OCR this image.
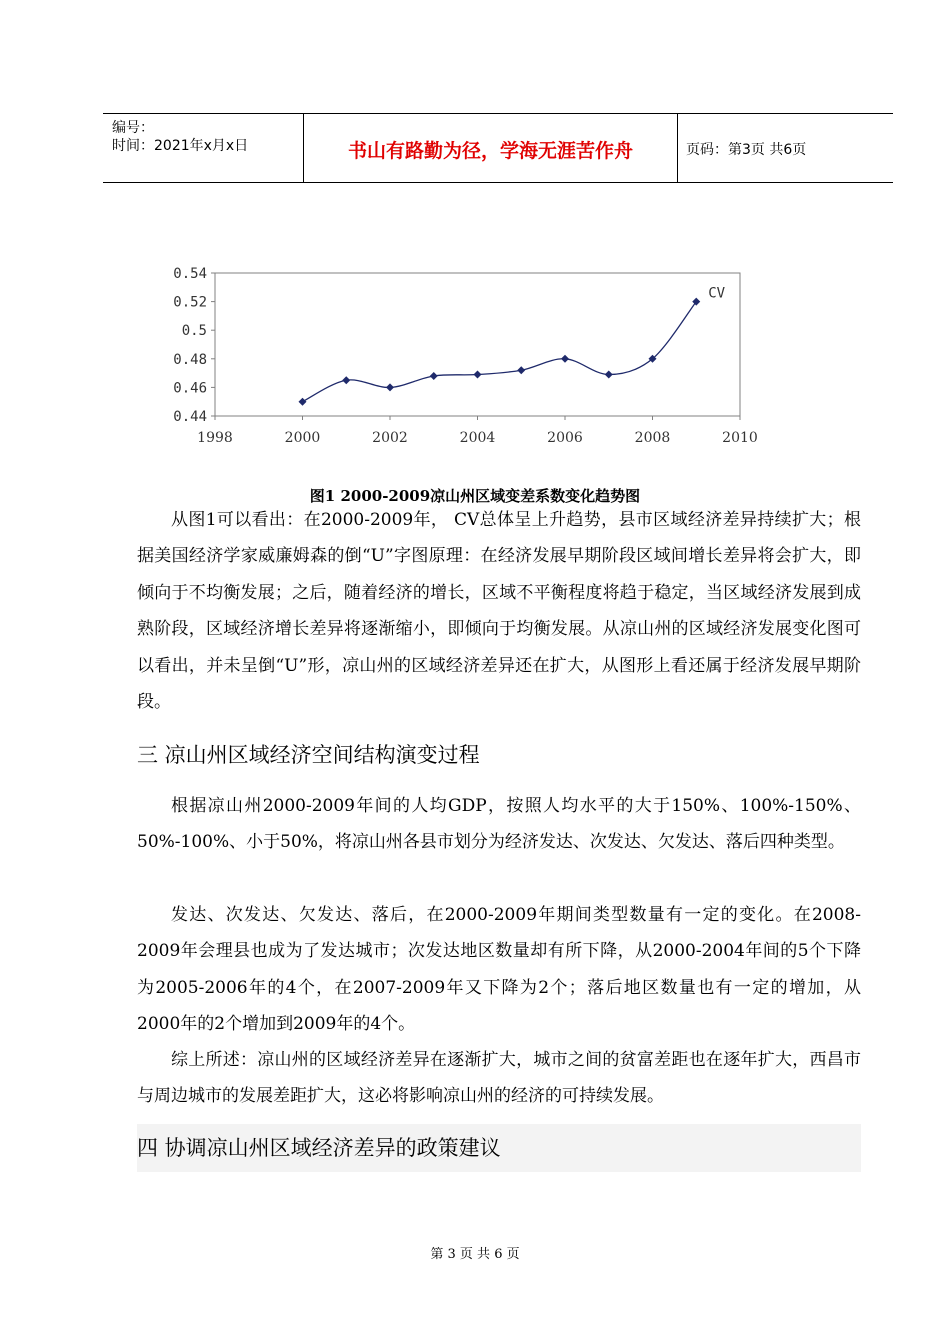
编号：
时间：2021年x月x日	书山有路勤为径，学海无涯苦作舟	页码：第3页 共6页
0.54
0.52
0.5
0.48
0.46
0.44
1998	2000	2002	2004	2006	2008	2010
CV
图1 2000-2009凉山州区域变差系数变化趋势图

从图1可以看出：在2000-2009年， CV总体呈上升趋势，县市区域经济差异持续扩大；根据美国经济学家威廉姆森的倒“U”字图原理：在经济发展早期阶段区域间增长差异将会扩大，即倾向于不均衡发展；之后，随着经济的增长，区域不平衡程度将趋于稳定，当区域经济发展到成熟阶段，区域经济增长差异将逐渐缩小，即倾向于均衡发展。从凉山州的区域经济发展变化图可以看出，并未呈倒“U”形，凉山州的区域经济差异还在扩大，从图形上看还属于经济发展早期阶段。

三 凉山州区域经济空间结构演变过程

根据凉山州2000-2009年间的人均GDP，按照人均水平的大于150%、100%-150%、50%-100%、小于50%，将凉山州各县市划分为经济发达、次发达、欠发达、落后四种类型。

发达、次发达、欠发达、落后，在2000-2009年期间类型数量有一定的变化。在2008-2009年会理县也成为了发达城市；次发达地区数量却有所下降，从2000-2004年间的5个下降为2005-2006年的4个，在2007-2009年又下降为2个；落后地区数量也有一定的增加，从2000年的2个增加到2009年的4个。

综上所述：凉山州的区域经济差异在逐渐扩大，城市之间的贫富差距也在逐年扩大，西昌市与周边城市的发展差距扩大，这必将影响凉山州的经济的可持续发展。

四 协调凉山州区域经济差异的政策建议
第 3 页 共 6 页
